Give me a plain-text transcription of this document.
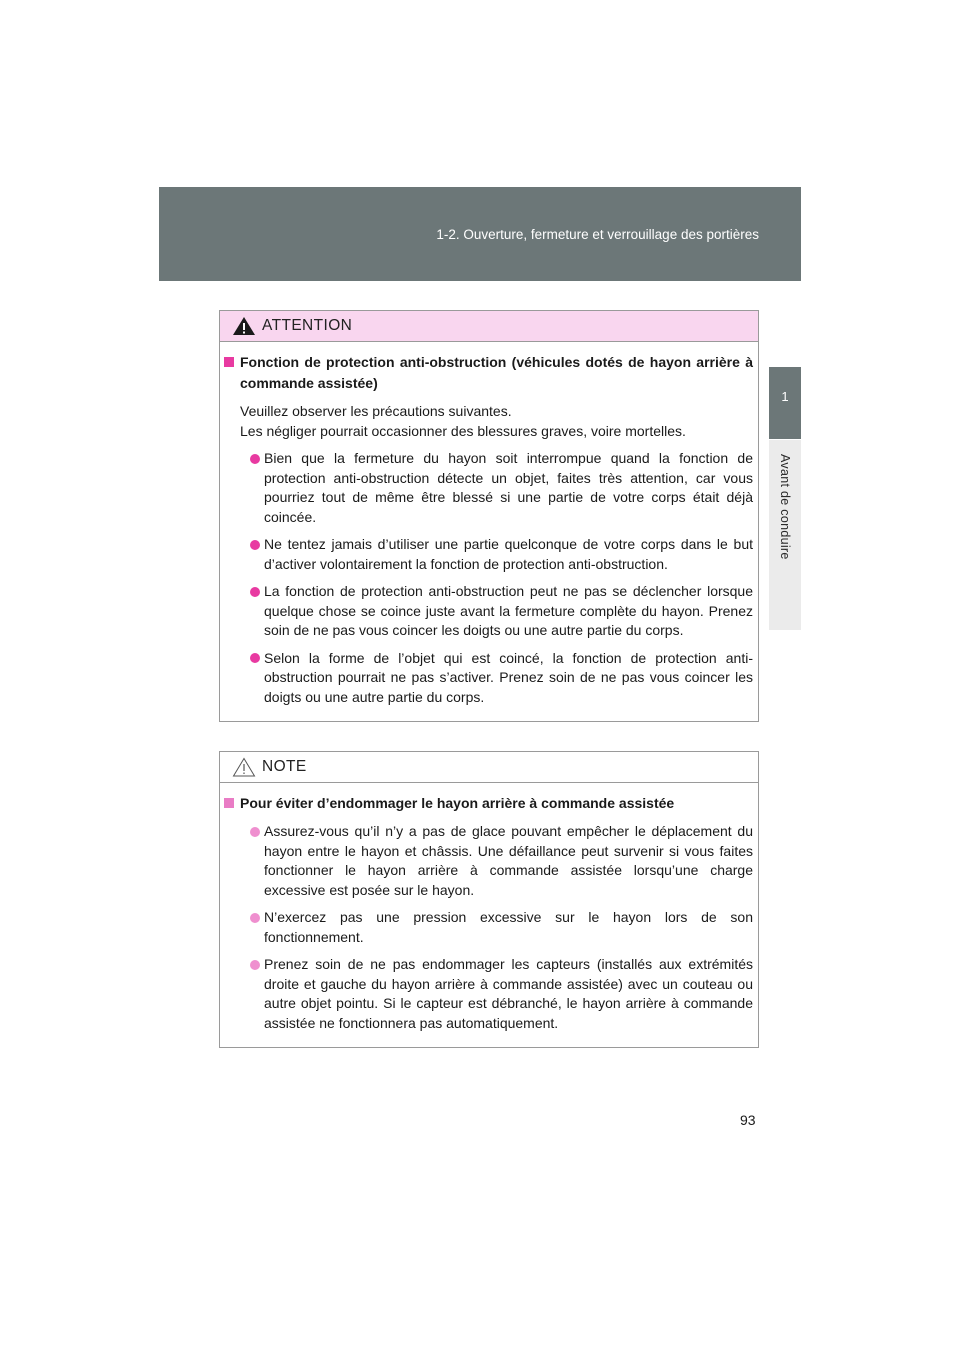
1-2. Ouverture, fermeture et verrouillage des portières
1
Avant de conduire
ATTENTION
Fonction de protection anti-obstruction (véhicules dotés de hayon arrière à commande assistée)
Veuillez observer les précautions suivantes.
Les négliger pourrait occasionner des blessures graves, voire mortelles.
Bien que la fermeture du hayon soit interrompue quand la fonction de protection anti-obstruction détecte un objet, faites très attention, car vous pourriez tout de même être blessé si une partie de votre corps était déjà coincée.
Ne tentez jamais d’utiliser une partie quelconque de votre corps dans le but d’activer volontairement la fonction de protection anti-obstruction.
La fonction de protection anti-obstruction peut ne pas se déclencher lorsque quelque chose se coince juste avant la fermeture complète du hayon. Prenez soin de ne pas vous coincer les doigts ou une autre partie du corps.
Selon la forme de l’objet qui est coincé, la fonction de protection anti-obstruction pourrait ne pas s’activer. Prenez soin de ne pas vous coincer les doigts ou une autre partie du corps.
NOTE
Pour éviter d’endommager le hayon arrière à commande assistée
Assurez-vous qu’il n’y a pas de glace pouvant empêcher le déplacement du hayon entre le hayon et châssis. Une défaillance peut survenir si vous faites fonctionner le hayon arrière à commande assistée lorsqu’une charge excessive est posée sur le hayon.
N’exercez pas une pression excessive sur le hayon lors de son fonctionnement.
Prenez soin de ne pas endommager les capteurs (installés aux extrémités droite et gauche du hayon arrière à commande assistée) avec un couteau ou autre objet pointu. Si le capteur est débranché, le hayon arrière à commande assistée ne fonctionnera pas automatiquement.
93
